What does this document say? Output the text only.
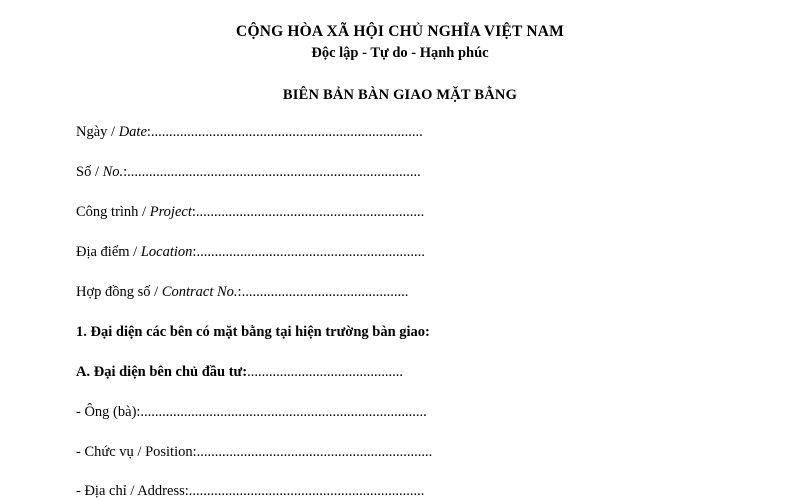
CỘNG HÒA XÃ HỘI CHỦ NGHĨA VIỆT NAM
Độc lập - Tự do - Hạnh phúc
BIÊN BẢN BÀN GIAO MẶT BẰNG
Ngày / Date:...........................................................................
Số / No.:.................................................................................
Công trình / Project:...............................................................
Địa điểm / Location:...............................................................
Hợp đồng số / Contract No.:..............................................
1. Đại diện các bên có mặt bằng tại hiện trường bàn giao:
A. Đại diện bên chủ đầu tư:...........................................
- Ông (bà):...............................................................................
- Chức vụ / Position:.................................................................
- Địa chỉ / Address:.................................................................
